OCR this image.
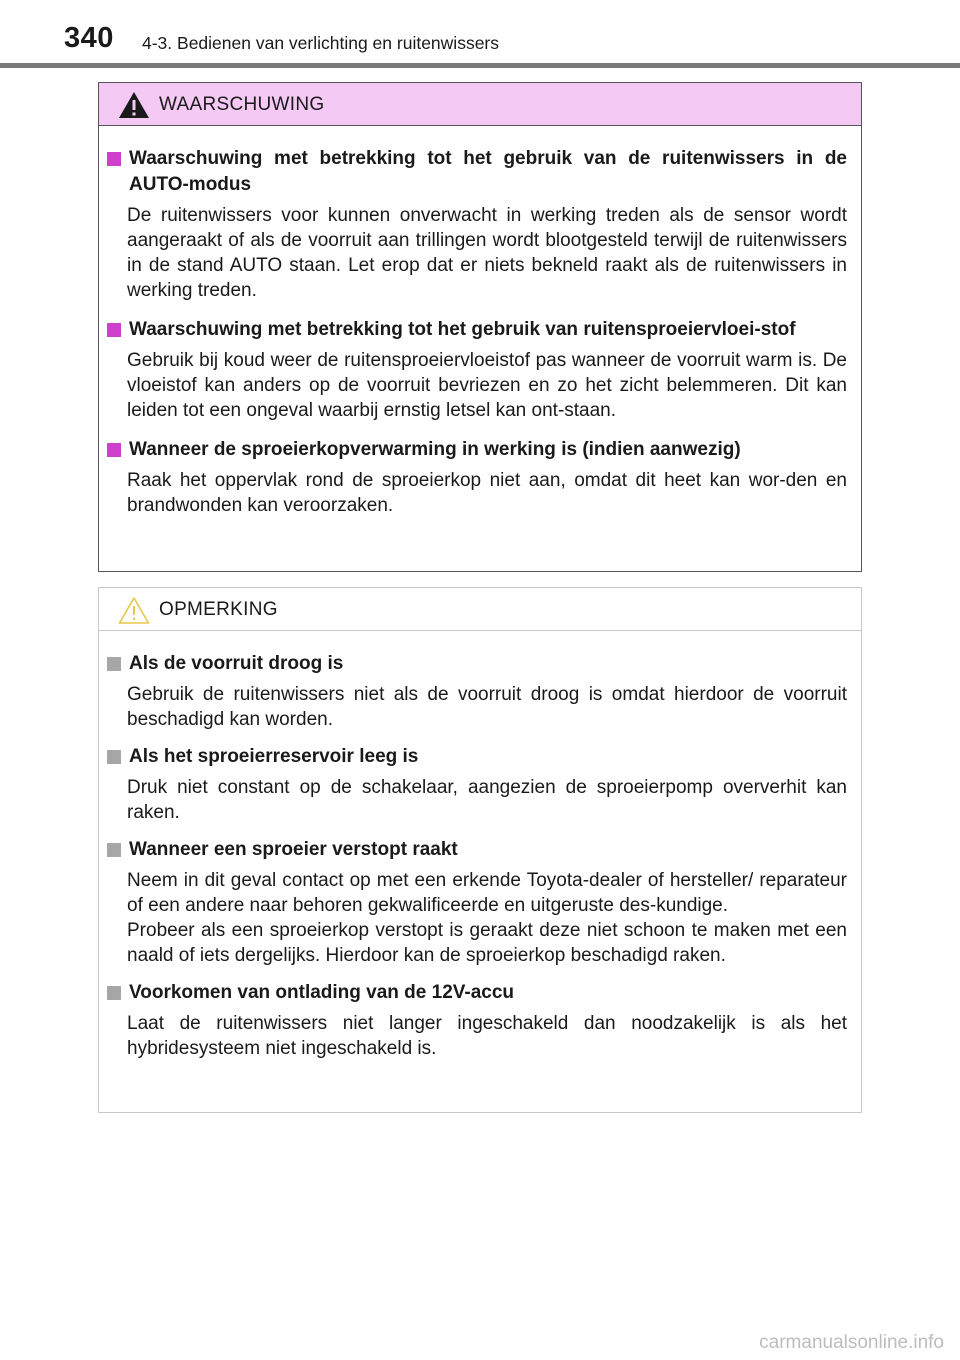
340 4-3. Bedienen van verlichting en ruitenwissers
WAARSCHUWING
Waarschuwing met betrekking tot het gebruik van de ruitenwissers in de AUTO-modus
De ruitenwissers voor kunnen onverwacht in werking treden als de sensor wordt aangeraakt of als de voorruit aan trillingen wordt blootgesteld terwijl de ruitenwissers in de stand AUTO staan. Let erop dat er niets bekneld raakt als de ruitenwissers in werking treden.
Waarschuwing met betrekking tot het gebruik van ruitensproeiervloei-stof
Gebruik bij koud weer de ruitensproeiervloeistof pas wanneer de voorruit warm is. De vloeistof kan anders op de voorruit bevriezen en zo het zicht belemmeren. Dit kan leiden tot een ongeval waarbij ernstig letsel kan ont-staan.
Wanneer de sproeierkopverwarming in werking is (indien aanwezig)
Raak het oppervlak rond de sproeierkop niet aan, omdat dit heet kan wor-den en brandwonden kan veroorzaken.
OPMERKING
Als de voorruit droog is
Gebruik de ruitenwissers niet als de voorruit droog is omdat hierdoor de voorruit beschadigd kan worden.
Als het sproeierreservoir leeg is
Druk niet constant op de schakelaar, aangezien de sproeierpomp oververhit kan raken.
Wanneer een sproeier verstopt raakt
Neem in dit geval contact op met een erkende Toyota-dealer of hersteller/ reparateur of een andere naar behoren gekwalificeerde en uitgeruste des-kundige.
Probeer als een sproeierkop verstopt is geraakt deze niet schoon te maken met een naald of iets dergelijks. Hierdoor kan de sproeierkop beschadigd raken.
Voorkomen van ontlading van de 12V-accu
Laat de ruitenwissers niet langer ingeschakeld dan noodzakelijk is als het hybridesysteem niet ingeschakeld is.
carmanualsonline.info
